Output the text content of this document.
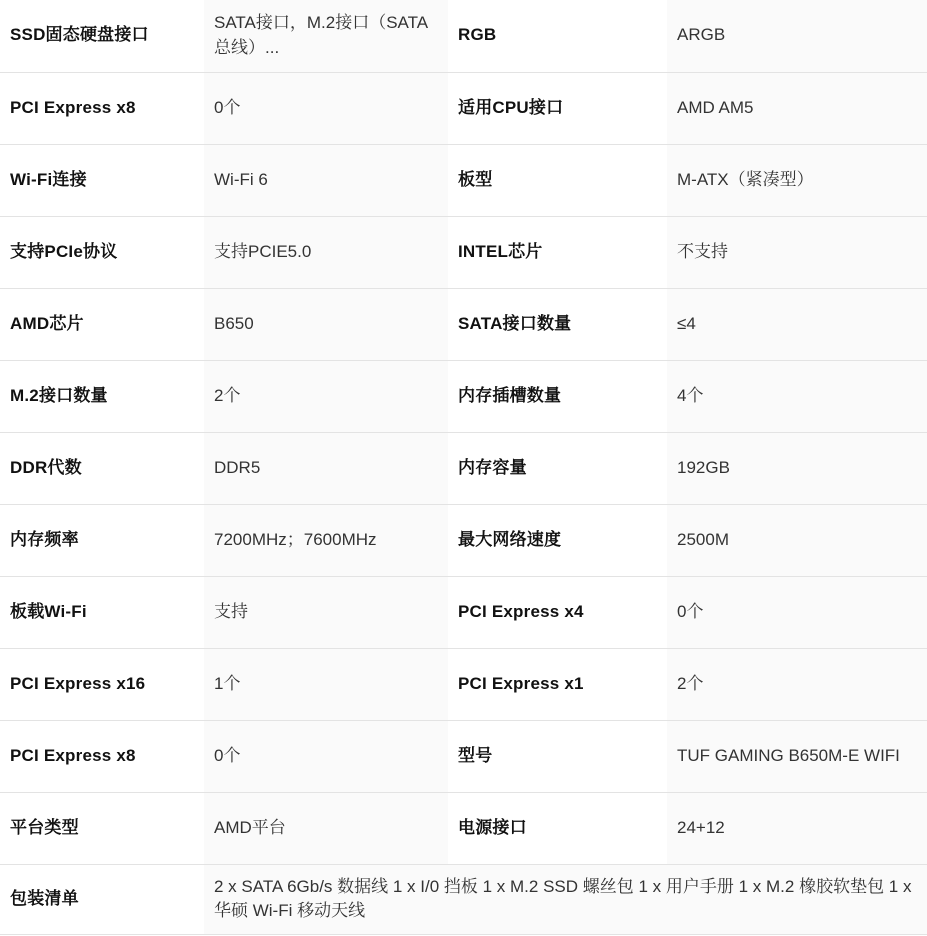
SSD固态硬盘接口	SATA接口，M.2接口（SATA总线）...	RGB	ARGB
PCI Express x8	0个	适用CPU接口	AMD AM5
Wi-Fi连接	Wi-Fi 6	板型	M-ATX（紧凑型）
支持PCIe协议	支持PCIE5.0	INTEL芯片	不支持
AMD芯片	B650	SATA接口数量	≤4
M.2接口数量	2个	内存插槽数量	4个
DDR代数	DDR5	内存容量	192GB
内存频率	7200MHz；7600MHz	最大网络速度	2500M
板载Wi-Fi	支持	PCI Express x4	0个
PCI Express x16	1个	PCI Express x1	2个
PCI Express x8	0个	型号	TUF GAMING B650M-E WIFI
平台类型	AMD平台	电源接口	24+12
包装清单	2 x SATA 6Gb/s 数据线 1 x I/0 挡板 1 x M.2 SSD 螺丝包 1 x 用户手册 1 x M.2 橡胶软垫包 1 x 华硕 Wi-Fi 移动天线		
